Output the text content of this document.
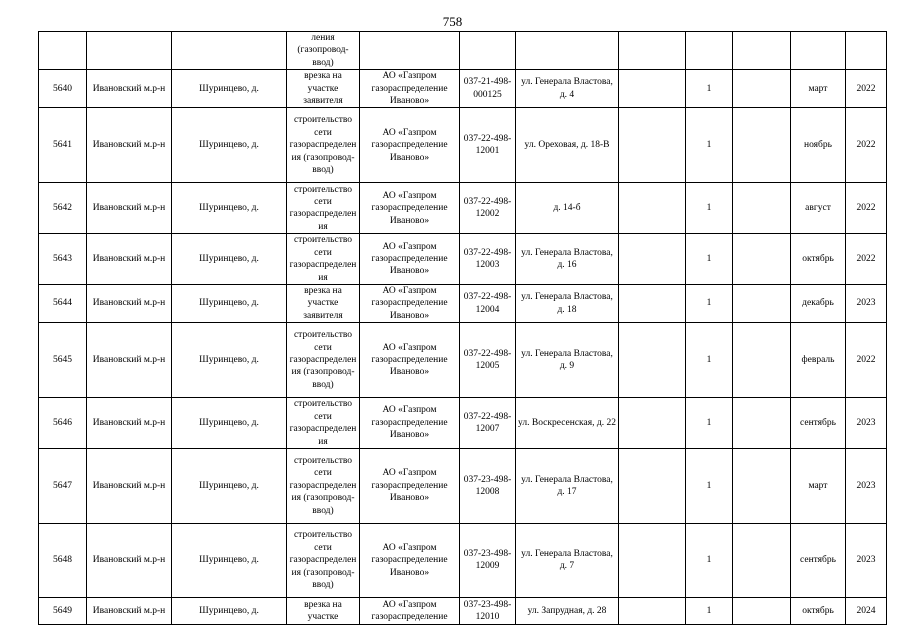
758
			ления (газопровод-ввод)								
5640	Ивановский м.р-н	Шуринцево, д.	врезка на участке заявителя	АО «Газпром газораспределение Иваново»	037-21-498-000125	ул. Генерала Властова, д. 4		1		март	2022
5641	Ивановский м.р-н	Шуринцево, д.	строительство сети газораспределения (газопровод-ввод)	АО «Газпром газораспределение Иваново»	037-22-498-12001	ул. Ореховая, д. 18-В		1		ноябрь	2022
5642	Ивановский м.р-н	Шуринцево, д.	строительство сети газораспределения	АО «Газпром газораспределение Иваново»	037-22-498-12002	д. 14-б		1		август	2022
5643	Ивановский м.р-н	Шуринцево, д.	строительство сети газораспределения	АО «Газпром газораспределение Иваново»	037-22-498-12003	ул. Генерала Властова, д. 16		1		октябрь	2022
5644	Ивановский м.р-н	Шуринцево, д.	врезка на участке заявителя	АО «Газпром газораспределение Иваново»	037-22-498-12004	ул. Генерала Властова, д. 18		1		декабрь	2023
5645	Ивановский м.р-н	Шуринцево, д.	строительство сети газораспределения (газопровод-ввод)	АО «Газпром газораспределение Иваново»	037-22-498-12005	ул. Генерала Властова, д. 9		1		февраль	2022
5646	Ивановский м.р-н	Шуринцево, д.	строительство сети газораспределения	АО «Газпром газораспределение Иваново»	037-22-498-12007	ул. Воскресенская, д. 22		1		сентябрь	2023
5647	Ивановский м.р-н	Шуринцево, д.	строительство сети газораспределения (газопровод-ввод)	АО «Газпром газораспределение Иваново»	037-23-498-12008	ул. Генерала Властова, д. 17		1		март	2023
5648	Ивановский м.р-н	Шуринцево, д.	строительство сети газораспределения (газопровод-ввод)	АО «Газпром газораспределение Иваново»	037-23-498-12009	ул. Генерала Властова, д. 7		1		сентябрь	2023
5649	Ивановский м.р-н	Шуринцево, д.	врезка на участке	АО «Газпром газораспределение	037-23-498-12010	ул. Запрудная, д. 28		1		октябрь	2024
